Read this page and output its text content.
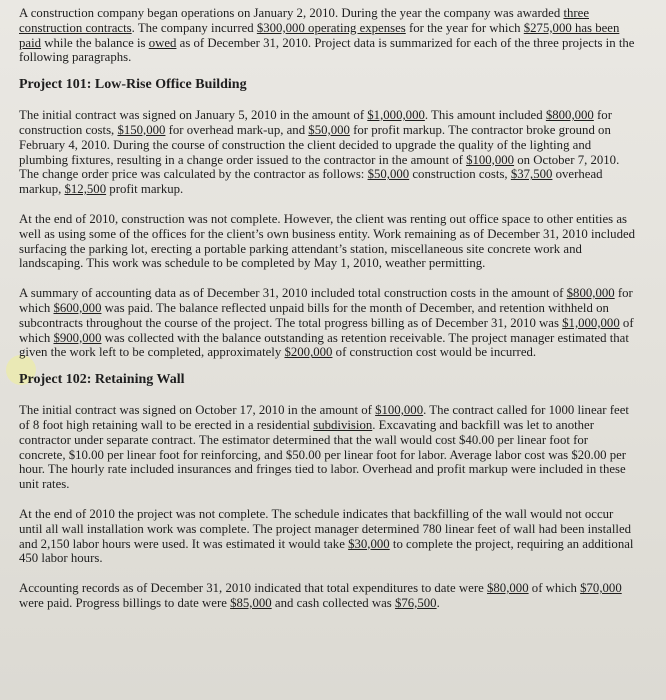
A construction company began operations on January 2, 2010. During the year the company was awarded three construction contracts. The company incurred $300,000 operating expenses for the year for which $275,000 has been paid while the balance is owed as of December 31, 2010. Project data is summarized for each of the three projects in the following paragraphs.

Project 101: Low-Rise Office Building

The initial contract was signed on January 5, 2010 in the amount of $1,000,000. This amount included $800,000 for construction costs, $150,000 for overhead mark-up, and $50,000 for profit markup. The contractor broke ground on February 4, 2010. During the course of construction the client decided to upgrade the quality of the lighting and plumbing fixtures, resulting in a change order issued to the contractor in the amount of $100,000 on October 7, 2010. The change order price was calculated by the contractor as follows: $50,000 construction costs, $37,500 overhead markup, $12,500 profit markup.

At the end of 2010, construction was not complete. However, the client was renting out office space to other entities as well as using some of the offices for the client’s own business entity. Work remaining as of December 31, 2010 included surfacing the parking lot, erecting a portable parking attendant’s station, miscellaneous site concrete work and landscaping. This work was schedule to be completed by May 1, 2010, weather permitting.

A summary of accounting data as of December 31, 2010 included total construction costs in the amount of $800,000 for which $600,000 was paid. The balance reflected unpaid bills for the month of December, and retention withheld on subcontracts throughout the course of the project. The total progress billing as of December 31, 2010 was $1,000,000 of which $900,000 was collected with the balance outstanding as retention receivable. The project manager estimated that given the work left to be completed, approximately $200,000 of construction cost would be incurred.

Project 102: Retaining Wall

The initial contract was signed on October 17, 2010 in the amount of $100,000. The contract called for 1000 linear feet of 8 foot high retaining wall to be erected in a residential subdivision. Excavating and backfill was let to another contractor under separate contract. The estimator determined that the wall would cost $40.00 per linear foot for concrete, $10.00 per linear foot for reinforcing, and $50.00 per linear foot for labor. Average labor cost was $20.00 per hour. The hourly rate included insurances and fringes tied to labor. Overhead and profit markup were included in these unit rates.

At the end of 2010 the project was not complete. The schedule indicates that backfilling of the wall would not occur until all wall installation work was complete. The project manager determined 780 linear feet of wall had been installed and 2,150 labor hours were used. It was estimated it would take $30,000 to complete the project, requiring an additional 450 labor hours.

Accounting records as of December 31, 2010 indicated that total expenditures to date were $80,000 of which $70,000 were paid. Progress billings to date were $85,000 and cash collected was $76,500.
